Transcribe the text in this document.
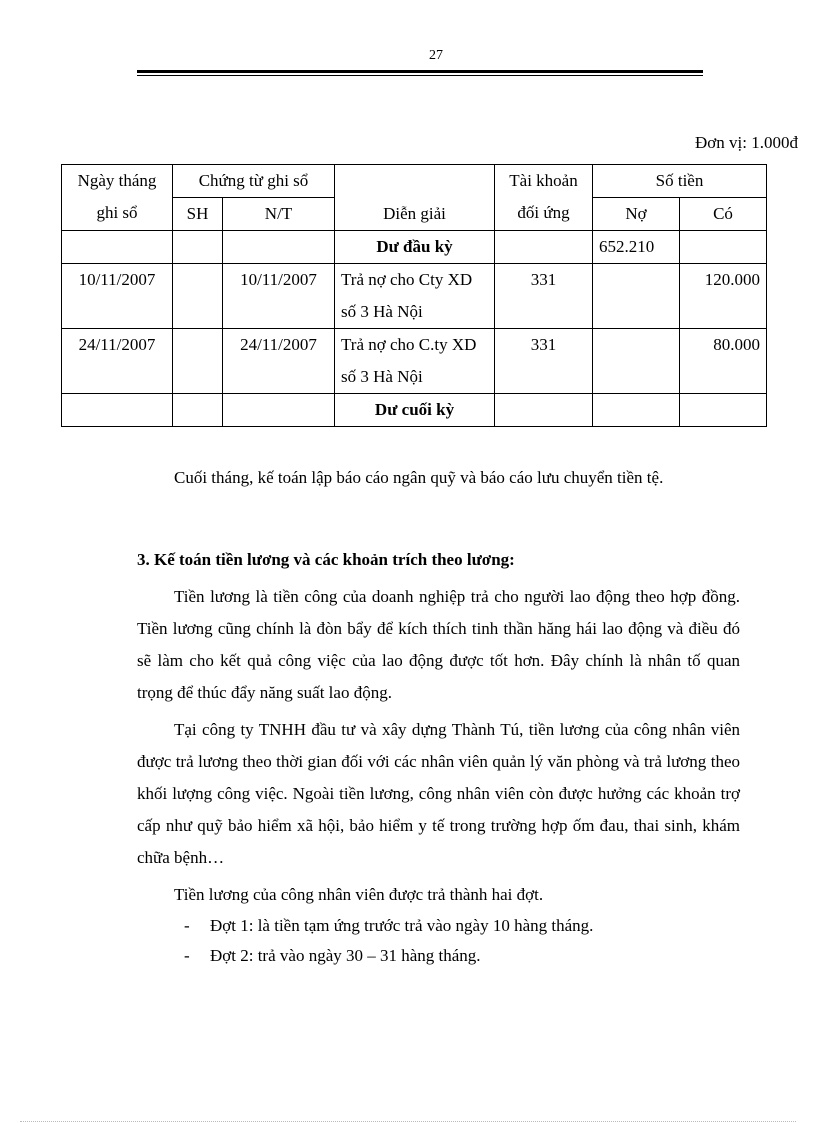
27
Đơn vị: 1.000đ
Ngày tháng ghi sổ	Chứng từ ghi sổ		Diễn giải	Tài khoản đối ứng	Số tiền	
	SH	N/T			Nợ	Có
			Dư đầu kỳ		652.210	
10/11/2007		10/11/2007	Trả nợ cho Cty XD số 3 Hà Nội	331		120.000
24/11/2007		24/11/2007	Trả nợ cho C.ty XD số 3 Hà Nội	331		80.000
			Dư cuối kỳ			

Cuối tháng, kế toán lập báo cáo ngân quỹ và báo cáo lưu chuyển tiền tệ.

3. Kế toán tiền lương và các khoản trích theo lương:

Tiền lương là tiền công của doanh nghiệp trả cho người lao động theo hợp đồng. Tiền lương cũng chính là đòn bẩy để kích thích tinh thần hăng hái lao động và điều đó sẽ làm cho kết quả công việc của lao động được tốt hơn. Đây chính là nhân tố quan trọng để thúc đẩy năng suất lao động.

Tại công ty TNHH đầu tư và xây dựng Thành Tú, tiền lương của công nhân viên được trả lương theo thời gian đối với các nhân viên quản lý văn phòng và trả lương theo khối lượng công việc. Ngoài tiền lương, công nhân viên còn được hưởng các khoản trợ cấp như quỹ bảo hiểm xã hội, bảo hiểm y tế trong trường hợp ốm đau, thai sinh, khám chữa bệnh…

Tiền lương của công nhân viên được trả thành hai đợt.

- Đợt 1: là tiền tạm ứng trước trả vào ngày 10 hàng tháng.
- Đợt 2: trả vào ngày 30 – 31 hàng tháng.
